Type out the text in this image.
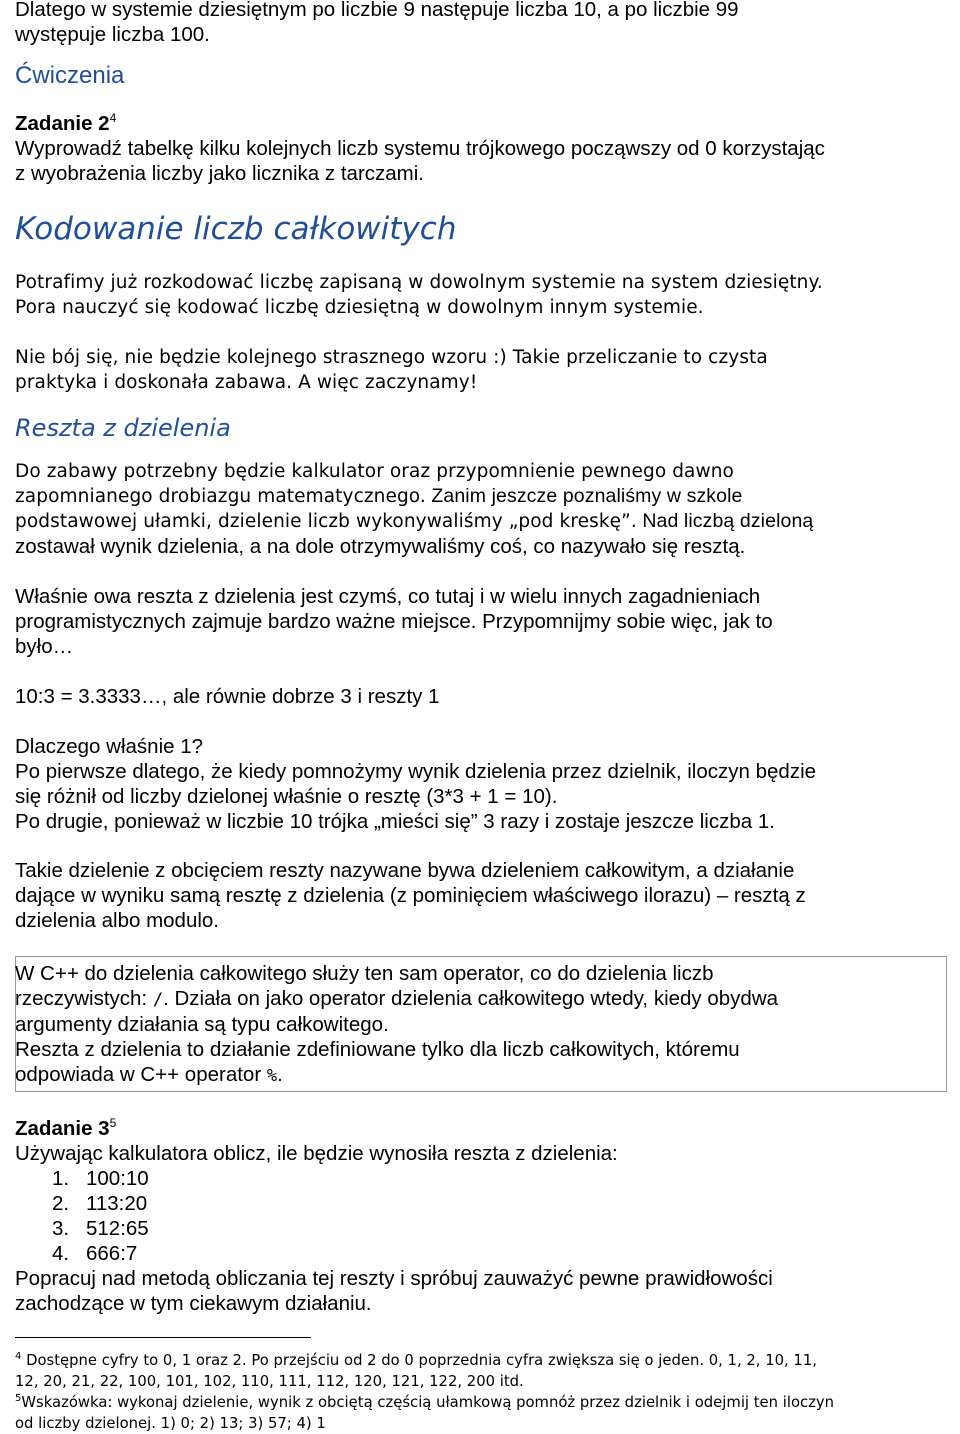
Dlatego w systemie dziesiętnym po liczbie 9 następuje liczba 10, a po liczbie 99
występuje liczba 100.
Ćwiczenia
Zadanie $2^4$
Wyprowadź tabelkę kilku kolejnych liczb systemu trójkowego począwszy od 0 korzystając
z wyobrażenia liczby jako licznika z tarczami.
Kodowanie liczb całkowitych
Potrafimy już rozkodować liczbę zapisaną w dowolnym systemie na system dziesiętny.
Pora nauczyć się kodować liczbę dziesiętną w dowolnym innym systemie.
Nie bój się, nie będzie kolejnego strasznego wzoru :) Takie przeliczanie to czysta
praktyka i doskonała zabawa. A więc zaczynamy!
Reszta z dzielenia
Do zabawy potrzebny będzie kalkulator oraz przypomnienie pewnego dawno
zapomnianego drobiazgu matematycznego. Zanim jeszcze poznaliśmy w szkole
podstawowej ułamki, dzielenie liczb wykonywaliśmy „pod kreskę”. Nad liczbą dzieloną
zostawał wynik dzielenia, a na dole otrzymywaliśmy coś, co nazywało się resztą.
Właśnie owa reszta z dzielenia jest czymś, co tutaj i w wielu innych zagadnieniach
programistycznych zajmuje bardzo ważne miejsce. Przypomnijmy sobie więc, jak to
było…
10:3 = 3.3333…, ale równie dobrze 3 i reszty 1
Dlaczego właśnie 1?
Po pierwsze dlatego, że kiedy pomnożymy wynik dzielenia przez dzielnik, iloczyn będzie
się różnił od liczby dzielonej właśnie o resztę (3*3 + 1 = 10).
Po drugie, ponieważ w liczbie 10 trójka „mieści się” 3 razy i zostaje jeszcze liczba 1.
Takie dzielenie z obcięciem reszty nazywane bywa dzieleniem całkowitym, a działanie
dające w wyniku samą resztę z dzielenia (z pominięciem właściwego ilorazu) – resztą z
dzielenia albo modulo.
W C++ do dzielenia całkowitego służy ten sam operator, co do dzielenia liczb
rzeczywistych: /. Działa on jako operator dzielenia całkowitego wtedy, kiedy obydwa
argumenty działania są typu całkowitego.
Reszta z dzielenia to działanie zdefiniowane tylko dla liczb całkowitych, któremu
odpowiada w C++ operator %.
Zadanie $3^5$
Używając kalkulatora oblicz, ile będzie wynosiła reszta z dzielenia:
1. 100:10
2. 113:20
3. 512:65
4. 666:7
Popracuj nad metodą obliczania tej reszty i spróbuj zauważyć pewne prawidłowości
zachodzące w tym ciekawym działaniu.
$^4$ Dostępne cyfry to 0, 1 oraz 2. Po przejściu od 2 do 0 poprzednia cyfra zwiększa się o jeden. 0, 1, 2, 10, 11,
12, 20, 21, 22, 100, 101, 102, 110, 111, 112, 120, 121, 122, 200 itd.
$^5$Wskazówka: wykonaj dzielenie, wynik z obciętą częścią ułamkową pomnóż przez dzielnik i odejmij ten iloczyn
od liczby dzielonej. 1) 0; 2) 13; 3) 57; 4) 1
